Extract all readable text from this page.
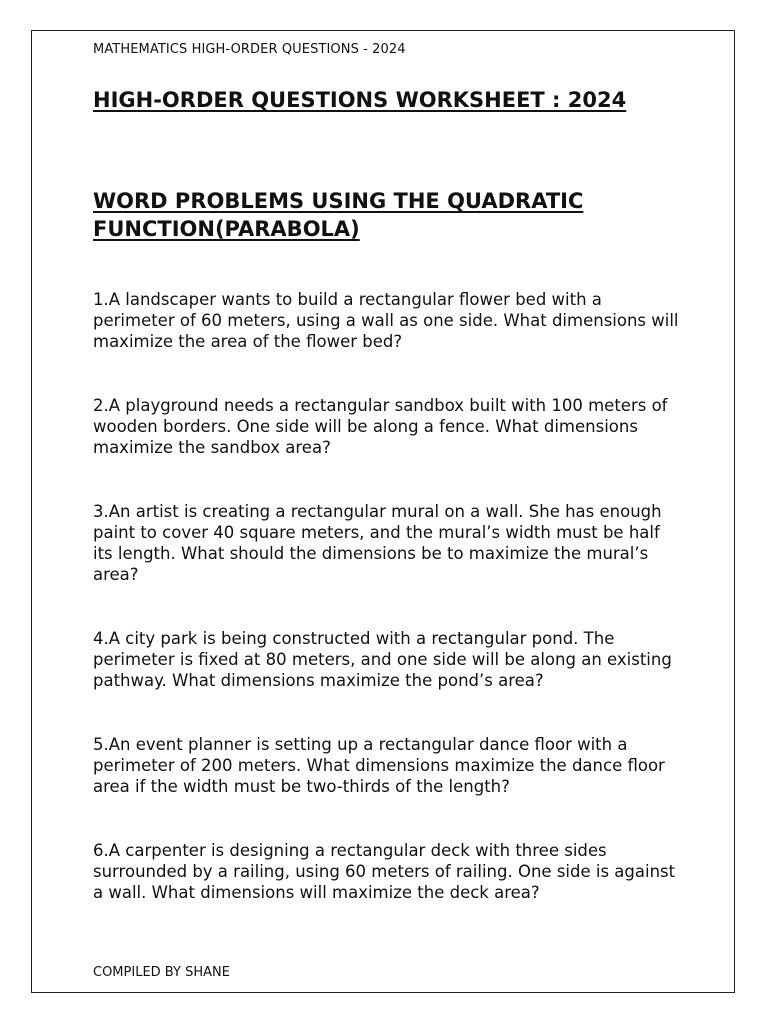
MATHEMATICS HIGH-ORDER QUESTIONS - 2024
HIGH-ORDER QUESTIONS WORKSHEET : 2024
WORD PROBLEMS USING THE QUADRATIC FUNCTION(PARABOLA)
1.A landscaper wants to build a rectangular flower bed with a perimeter of 60 meters, using a wall as one side. What dimensions will maximize the area of the flower bed?
2.A playground needs a rectangular sandbox built with 100 meters of wooden borders. One side will be along a fence. What dimensions maximize the sandbox area?
3.An artist is creating a rectangular mural on a wall. She has enough paint to cover 40 square meters, and the mural’s width must be half its length. What should the dimensions be to maximize the mural’s area?
4.A city park is being constructed with a rectangular pond. The perimeter is fixed at 80 meters, and one side will be along an existing pathway. What dimensions maximize the pond’s area?
5.An event planner is setting up a rectangular dance floor with a perimeter of 200 meters. What dimensions maximize the dance floor area if the width must be two-thirds of the length?
6.A carpenter is designing a rectangular deck with three sides surrounded by a railing, using 60 meters of railing. One side is against a wall. What dimensions will maximize the deck area?
COMPILED BY SHANE
